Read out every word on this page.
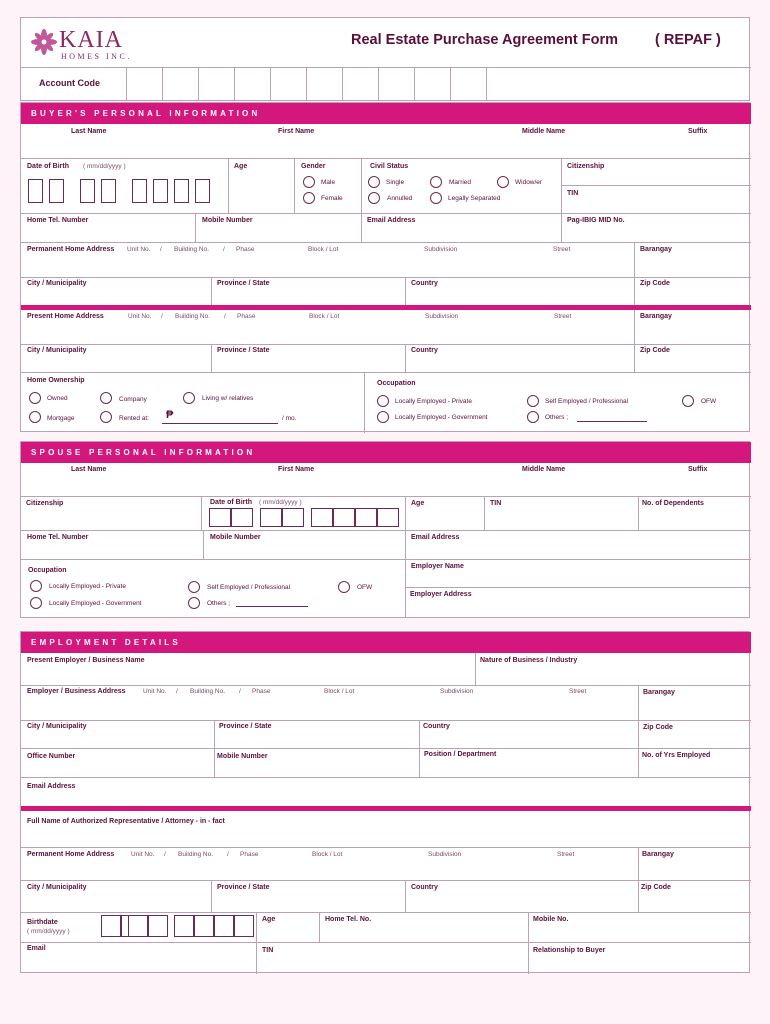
KAIA
HOMES INC.
Account Code
Real Estate Purchase Agreement Form	( REPAF )
BUYER'S PERSONAL INFORMATION
Last Name	First Name	Middle Name	Suffix
Date of Birth ( mm/dd/yyyy )	Age	Gender	Civil Status	Citizenship
TIN
Male
Female
Single	Married	Widow/er
Annulled	Legally Separated
Home Tel. Number	Mobile Number	Email Address	Pag-IBIG MID No.
Permanent Home Address Unit No. / Building No. / Phase	Block / Lot	Subdivision	Street	Barangay
City / Municipality	Province / State	Country	Zip Code
Present Home Address	Unit No. / Building No. / Phase	Block / Lot	Subdivision	Street	Barangay
City / Municipality	Province / State	Country	Zip Code
Home Ownership	Occupation
Owned	Company	Living w/ relatives
Mortgage	Rented at: ₱	/ mo.
Locally Employed - Private	Self Employed / Professional	OFW
Locally Employed - Government	Others ;
SPOUSE PERSONAL INFORMATION
Last Name	First Name	Middle Name	Suffix
Citizenship	Date of Birth ( mm/dd/yyyy )	Age	TIN	No. of Dependents
Home Tel. Number	Mobile Number	Email Address
Occupation
Employer Name
Employer Address
Locally Employed - Private	Self Employed / Professional	OFW
Locally Employed - Government	Others ;
EMPLOYMENT DETAILS
Present Employer / Business Name	Nature of Business / Industry
Employer / Business Address	Unit No. / Building No. / Phase	Block / Lot	Subdivision	Street	Barangay
City / Municipality	Province / State	Country	Zip Code
Office Number	Mobile Number	Position / Department	No. of Yrs Employed
Email Address
Full Name of Authorized Representative / Attorney - in - fact
Permanent Home Address	Unit No. / Building No. / Phase	Block / Lot	Subdivision	Street	Barangay
City / Municipality	Province / State	Country	Zip Code
Birthdate
( mm/dd/yyyy )
Age	Home Tel. No.	Mobile No.
Email	TIN	Relationship to Buyer
